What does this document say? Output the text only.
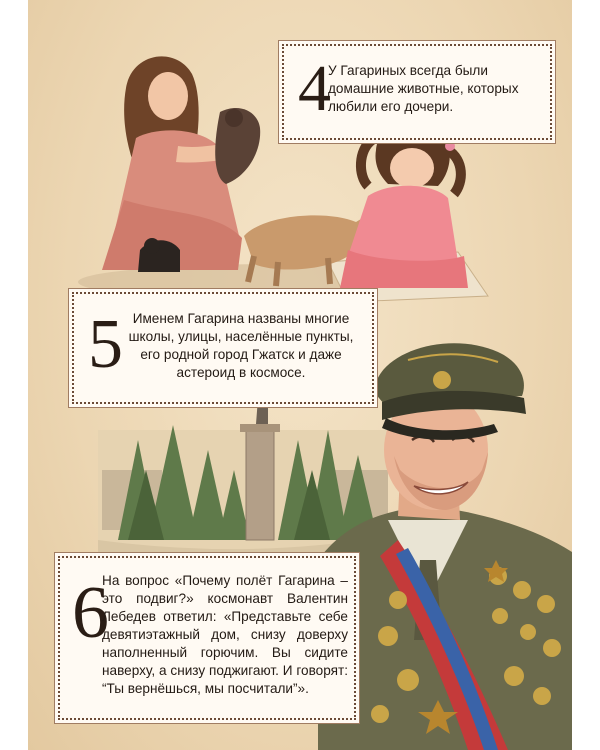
4
У Гагариных всегда были домашние животные, которых любили его дочери.
5 Именем Гагарина названы многие школы, улицы, населённые пункты, его родной город Гжатск и даже астероид в космосе.
6
На вопрос «Почему полёт Гагарина – это подвиг?» космонавт Валентин Лебедев ответил: «Представьте себе девятиэтажный дом, снизу доверху наполненный горючим. Вы сидите наверху, а снизу поджигают. И говорят: “Ты вернёшься, мы посчитали”».
